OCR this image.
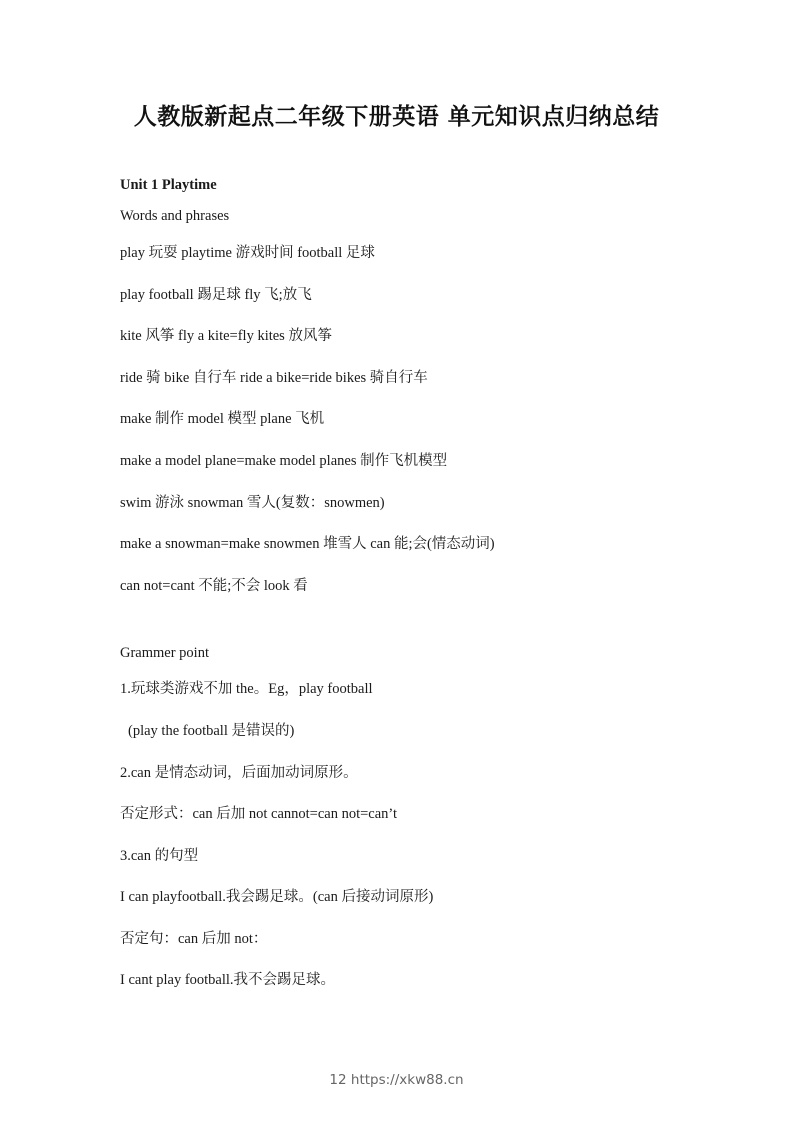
人教版新起点二年级下册英语 单元知识点归纳总结
Unit 1 Playtime
Words and phrases
play 玩耍 playtime 游戏时间 football 足球
play football 踢足球 fly 飞;放飞
kite 风筝 fly a kite=fly kites 放风筝
ride 骑 bike 自行车 ride a bike=ride bikes 骑自行车
make 制作 model 模型 plane 飞机
make a model plane=make model planes 制作飞机模型
swim 游泳 snowman 雪人(复数：snowmen)
make a snowman=make snowmen 堆雪人 can 能;会(情态动词)
can not=cant 不能;不会 look 看
Grammer point
1.玩球类游戏不加 the。Eg，play football
(play the football 是错误的)
2.can 是情态动词，后面加动词原形。
否定形式：can 后加 not cannot=can not=can’t
3.can 的句型
I can playfootball.我会踢足球。(can 后接动词原形)
否定句：can 后加 not：
I cant play football.我不会踢足球。
12 https://xkw88.cn
